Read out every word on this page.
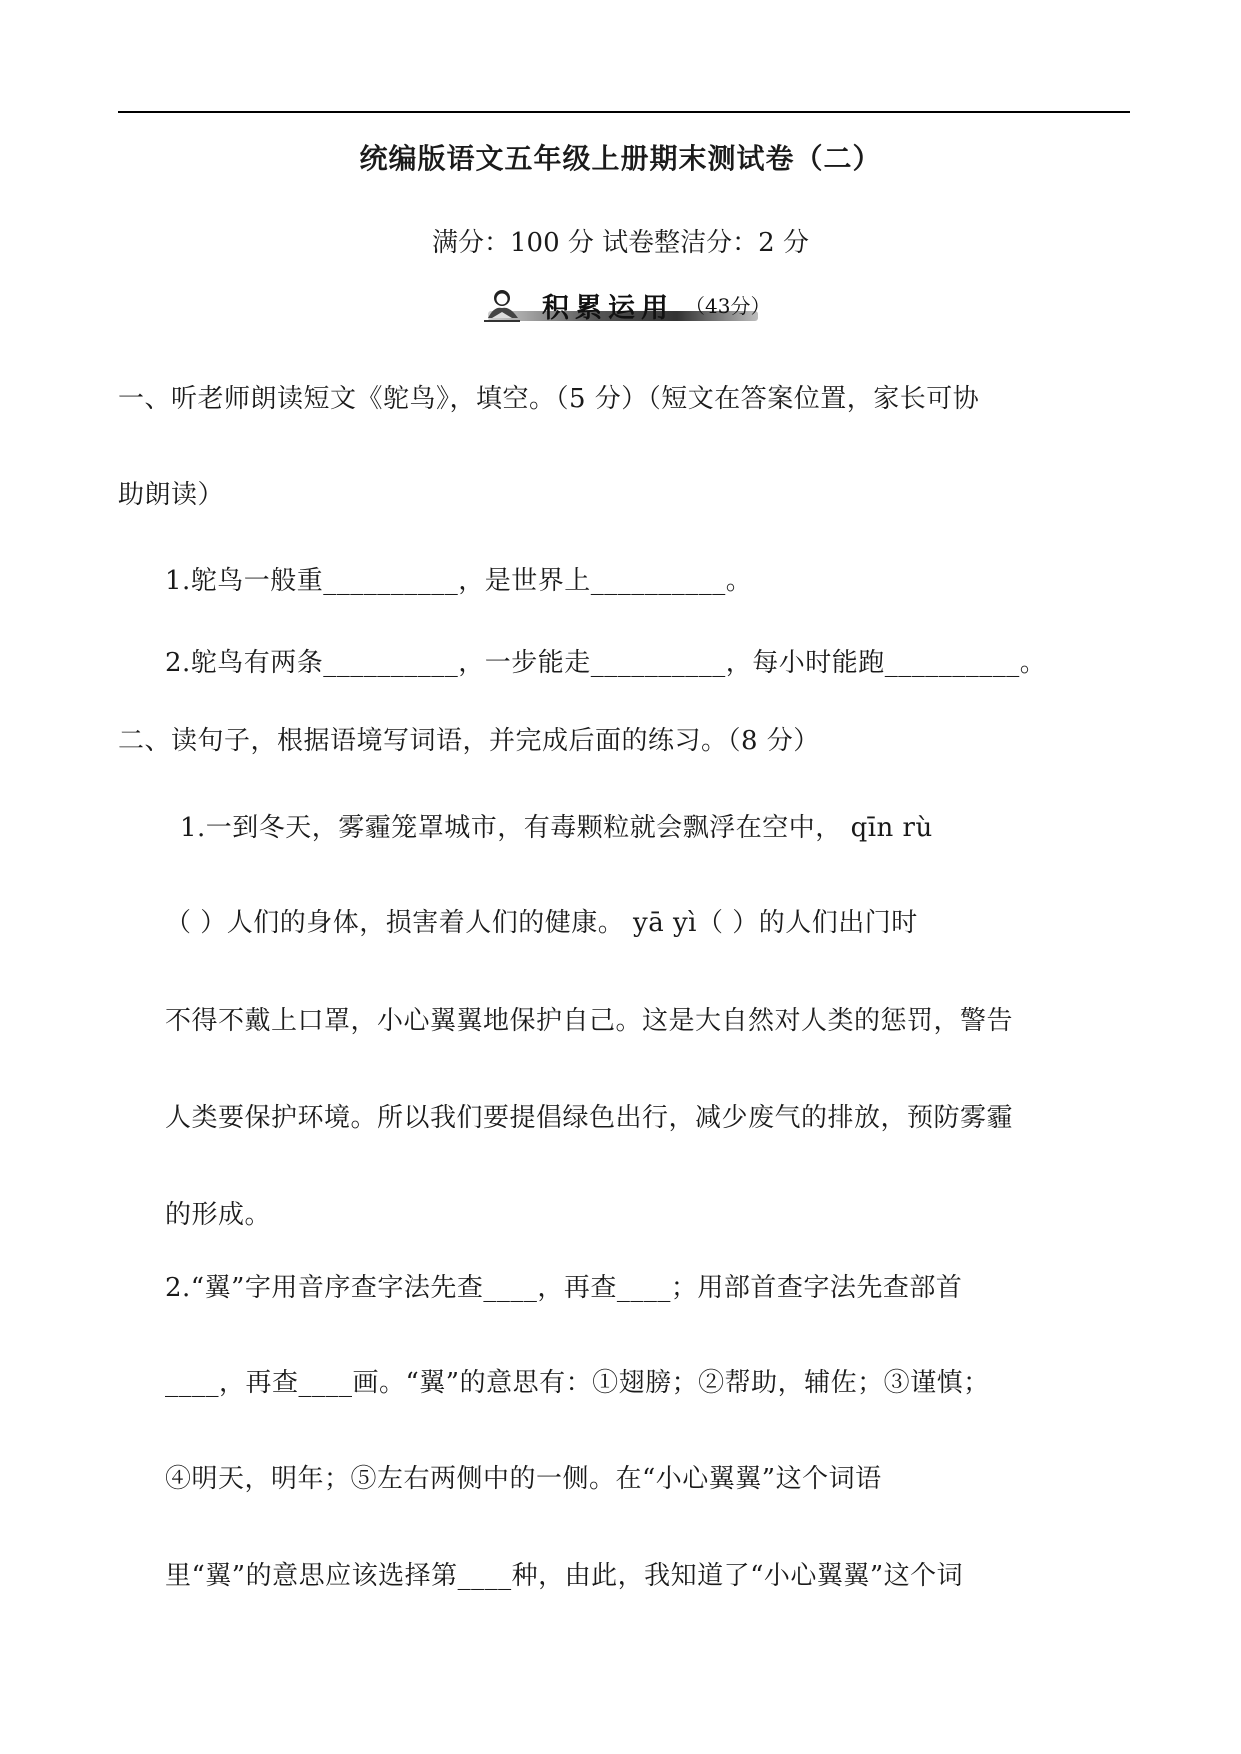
统编版语文五年级上册期末测试卷（二）
满分：100 分 试卷整洁分：2 分
积累运用 （43分）
一、听老师朗读短文《鸵鸟》，填空。（5 分）（短文在答案位置，家长可协
助朗读）
1.鸵鸟一般重__________，是世界上__________。
2.鸵鸟有两条__________，一步能走__________，每小时能跑__________。
二、读句子，根据语境写词语，并完成后面的练习。（8 分）
1.一到冬天，雾霾笼罩城市，有毒颗粒就会飘浮在空中， qīn rù
（ ）人们的身体，损害着人们的健康。 yā yì（ ）的人们出门时
不得不戴上口罩，小心翼翼地保护自己。这是大自然对人类的惩罚，警告
人类要保护环境。所以我们要提倡绿色出行，减少废气的排放，预防雾霾
的形成。
2.“翼”字用音序查字法先查____，再查____；用部首查字法先查部首
____，再查____画。“翼”的意思有：①翅膀；②帮助，辅佐；③谨慎；
④明天，明年；⑤左右两侧中的一侧。在“小心翼翼”这个词语
里“翼”的意思应该选择第____种，由此，我知道了“小心翼翼”这个词
